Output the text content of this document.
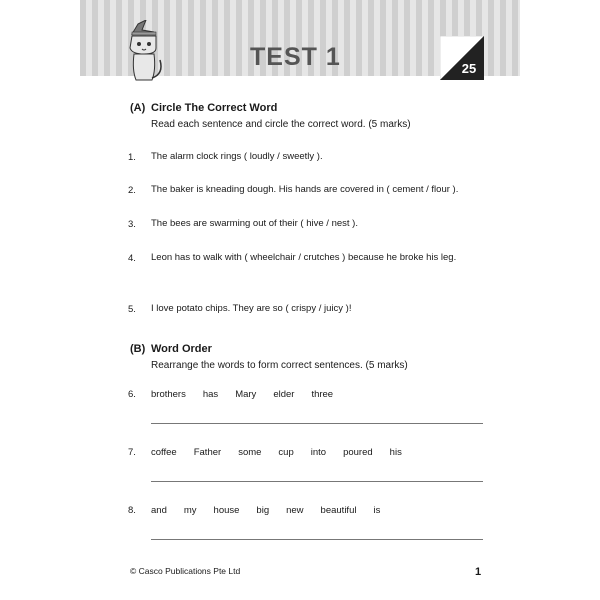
TEST 1	25
(A) Circle The Correct Word
Read each sentence and circle the correct word. (5 marks)
1. The alarm clock rings ( loudly / sweetly ).
2. The baker is kneading dough. His hands are covered in ( cement / flour ).
3. The bees are swarming out of their ( hive / nest ).
4. Leon has to walk with ( wheelchair / crutches ) because he broke his leg.
5. I love potato chips. They are so ( crispy / juicy )!
(B) Word Order
Rearrange the words to form correct sentences. (5 marks)
6. brothers has Mary elder three
7. coffee Father some cup into poured his
8. and my house big new beautiful is
© Casco Publications Pte Ltd	1
